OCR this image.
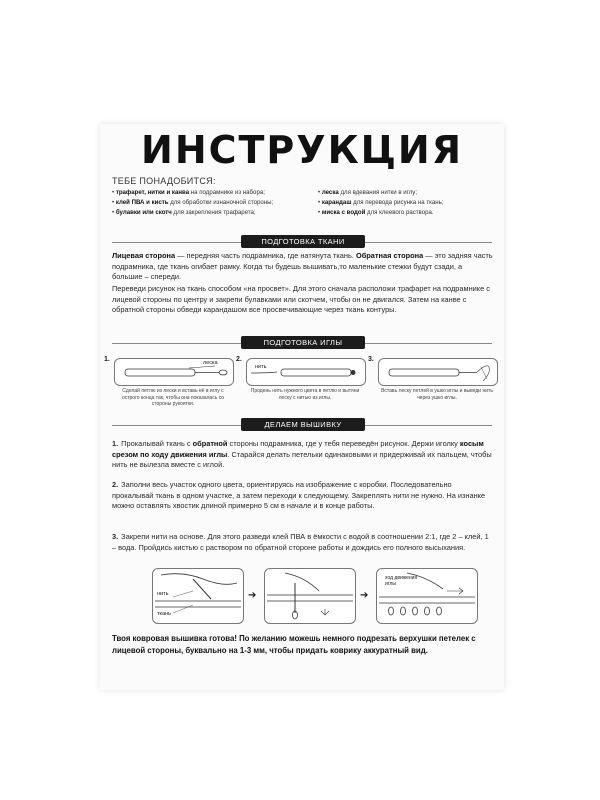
ИНСТРУКЦИЯ
ТЕБЕ ПОНАДОБИТСЯ:
• трафарет, нитки и канва на подрамнике из набора;
• клей ПВА и кисть для обработки изнаночной стороны;
• булавки или скотч для закрепления трафарета;
• леска для вдевания нитки в иглу;
• карандаш для перевода рисунка на ткань;
• миска с водой для клеевого раствора.
ПОДГОТОВКА ТКАНИ
Лицевая сторона — передняя часть подрамника, где натянута ткань. Обратная сторона — это задняя часть подрамника, где ткань огибает рамку. Когда ты будешь вышивать,то маленькие стежки будут сзади, а большие – спереди.
Переведи рисунок на ткань способом «на просвет». Для этого сначала расположи трафарет на подрамнике с лицевой стороны по центру и закрепи булавками или скотчем, чтобы он не двигался. Затем на канве с обратной стороны обведи карандашом все просвечивающие через ткань контуры.
ПОДГОТОВКА ИГЛЫ
1.	леска
Сделай петлю из лески и вставь её в иглу с острого конца так, чтобы она показалась со стороны рукоятки.
2.
нить
Продень нить нужного цвета в петлю и вытяни леску с нитью из иглы.
3.
Вставь леску петлей в ушко иглы и выведи нить через ушко иглы.
ДЕЛАЕМ ВЫШИВКУ
1. Прокалывай ткань с обратной стороны подрамника, где у тебя переведён рисунок. Держи иголку косым срезом по ходу движения иглы. Старайся делать петельки одинаковыми и придерживай их пальцем, чтобы нить не вылезла вместе с иглой.
2. Заполни весь участок одного цвета, ориентируясь на изображение с коробки. Последовательно прокалывай ткань в одном участке, а затем переходи к следующему. Закреплять нити не нужно. На изнанке можно оставлять хвостик длиной примерно 5 см в начале и в конце работы.
3. Закрепи нити на основе. Для этого разведи клей ПВА в ёмкости с водой в соотношении 2:1, где 2 – клей, 1 – вода. Пройдись кистью с раствором по обратной стороне работы и дождись его полного высыхания.
нить
ткань
➔	➔
ход движения иглы
Твоя ковровая вышивка готова! По желанию можешь немного подрезать верхушки петелек с лицевой стороны, буквально на 1-3 мм, чтобы придать коврику аккуратный вид.
